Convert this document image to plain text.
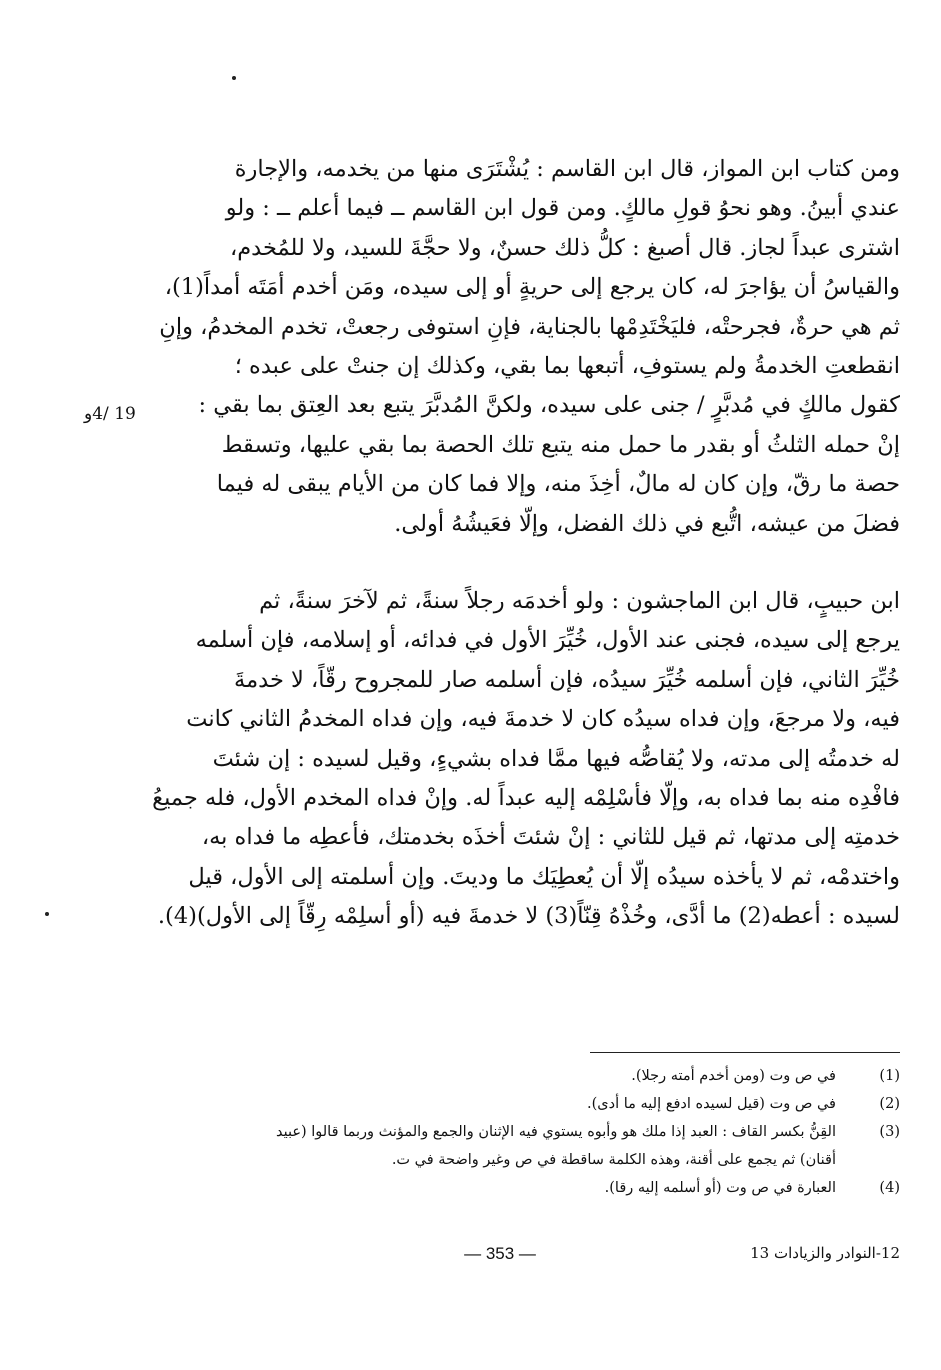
ومن كتاب ابن المواز، قال ابن القاسم : يُشْتَرَى منها من يخدمه، والإجارة
عندي أبينُ. وهو نحوُ قولِ مالكٍ. ومن قول ابن القاسم ــ فيما أعلم ــ : ولو
اشترى عبداً لجاز. قال أصبغ : كلُّ ذلك حسنٌ، ولا حجَّةَ للسيد، ولا للمُخدم،
والقياسُ أن يؤاجرَ له، كان يرجع إلى حريةٍ أو إلى سيده، ومَن أخدم أمَتَه أمداً(1)،
ثم هي حرةٌ، فجرحتْه، فليَخْتَدِمْها بالجناية، فإنِ استوفى رجعتْ، تخدم المخدمُ، وإنِ
انقطعتِ الخدمةُ ولم يستوفِ، أتبعها بما بقي، وكذلك إن جنتْ على عبده ؛
كقول مالكٍ في مُدبَّرٍ / جنى على سيده، ولكنَّ المُدبَّرَ يتبع بعد العِتق بما بقي :
إنْ حمله الثلثُ أو بقدر ما حمل منه يتبع تلك الحصة بما بقي عليها، وتسقط
حصة ما رقّ، وإن كان له مالٌ، أخِذَ منه، وإلا فما كان من الأيام يبقى له فيما
فضلَ من عيشه، اتُّبع في ذلك الفضل، وإلّا فعَيشُهُ أولى.
19 /4و
ابن حبيبٍ، قال ابن الماجشون : ولو أخدمَه رجلاً سنةً، ثم لآخرَ سنةً، ثم
يرجع إلى سيده، فجنى عند الأول، خُيِّرَ الأول في فدائه، أو إسلامه، فإن أسلمه
خُيِّرَ الثاني، فإن أسلمه خُيِّرَ سيدُه، فإن أسلمه صار للمجروح رقّاً، لا خدمةَ
فيه، ولا مرجعَ، وإن فداه سيدُه كان لا خدمةَ فيه، وإن فداه المخدمُ الثاني كانت
له خدمتُه إلى مدته، ولا يُقاصُّه فيها ممَّا فداه بشيءٍ، وقيل لسيده : إن شئتَ
فافْدِه منه بما فداه به، وإلّا فأسْلِمْه إليه عبداً له. وإنْ فداه المخدم الأول، فله جميعُ
خدمتِه إلى مدتها، ثم قيل للثاني : إنْ شئتَ أخذَه بخدمتك، فأعطِه ما فداه به،
واختدمْه، ثم لا يأخذه سيدُه إلّا أن يُعطِيَك ما وديتَ. وإن أسلمته إلى الأول، قيل
لسيده : أعطه(2) ما أدَّى، وخُذْهُ قِنّاً(3) لا خدمةَ فيه (أو أسلِمْه رِقّاً إلى الأول)(4).
(1)
في ص وت (ومن أخدم أمته رجلا).
(2)
في ص وت (قيل لسيده ادفع إليه ما أدى).
(3)
القِنُّ بكسر القاف : العبد إذا ملك هو وأبوه يستوي فيه الإثنان والجمع والمؤنث وربما قالوا (عبيد
أقنان) ثم يجمع على أقنة، وهذه الكلمة ساقطة في ص وغير واضحة في ت.
(4)
العبارة في ص وت (أو أسلمه إليه رقا).
— 353 —	12-النوادر والزيادات 13
